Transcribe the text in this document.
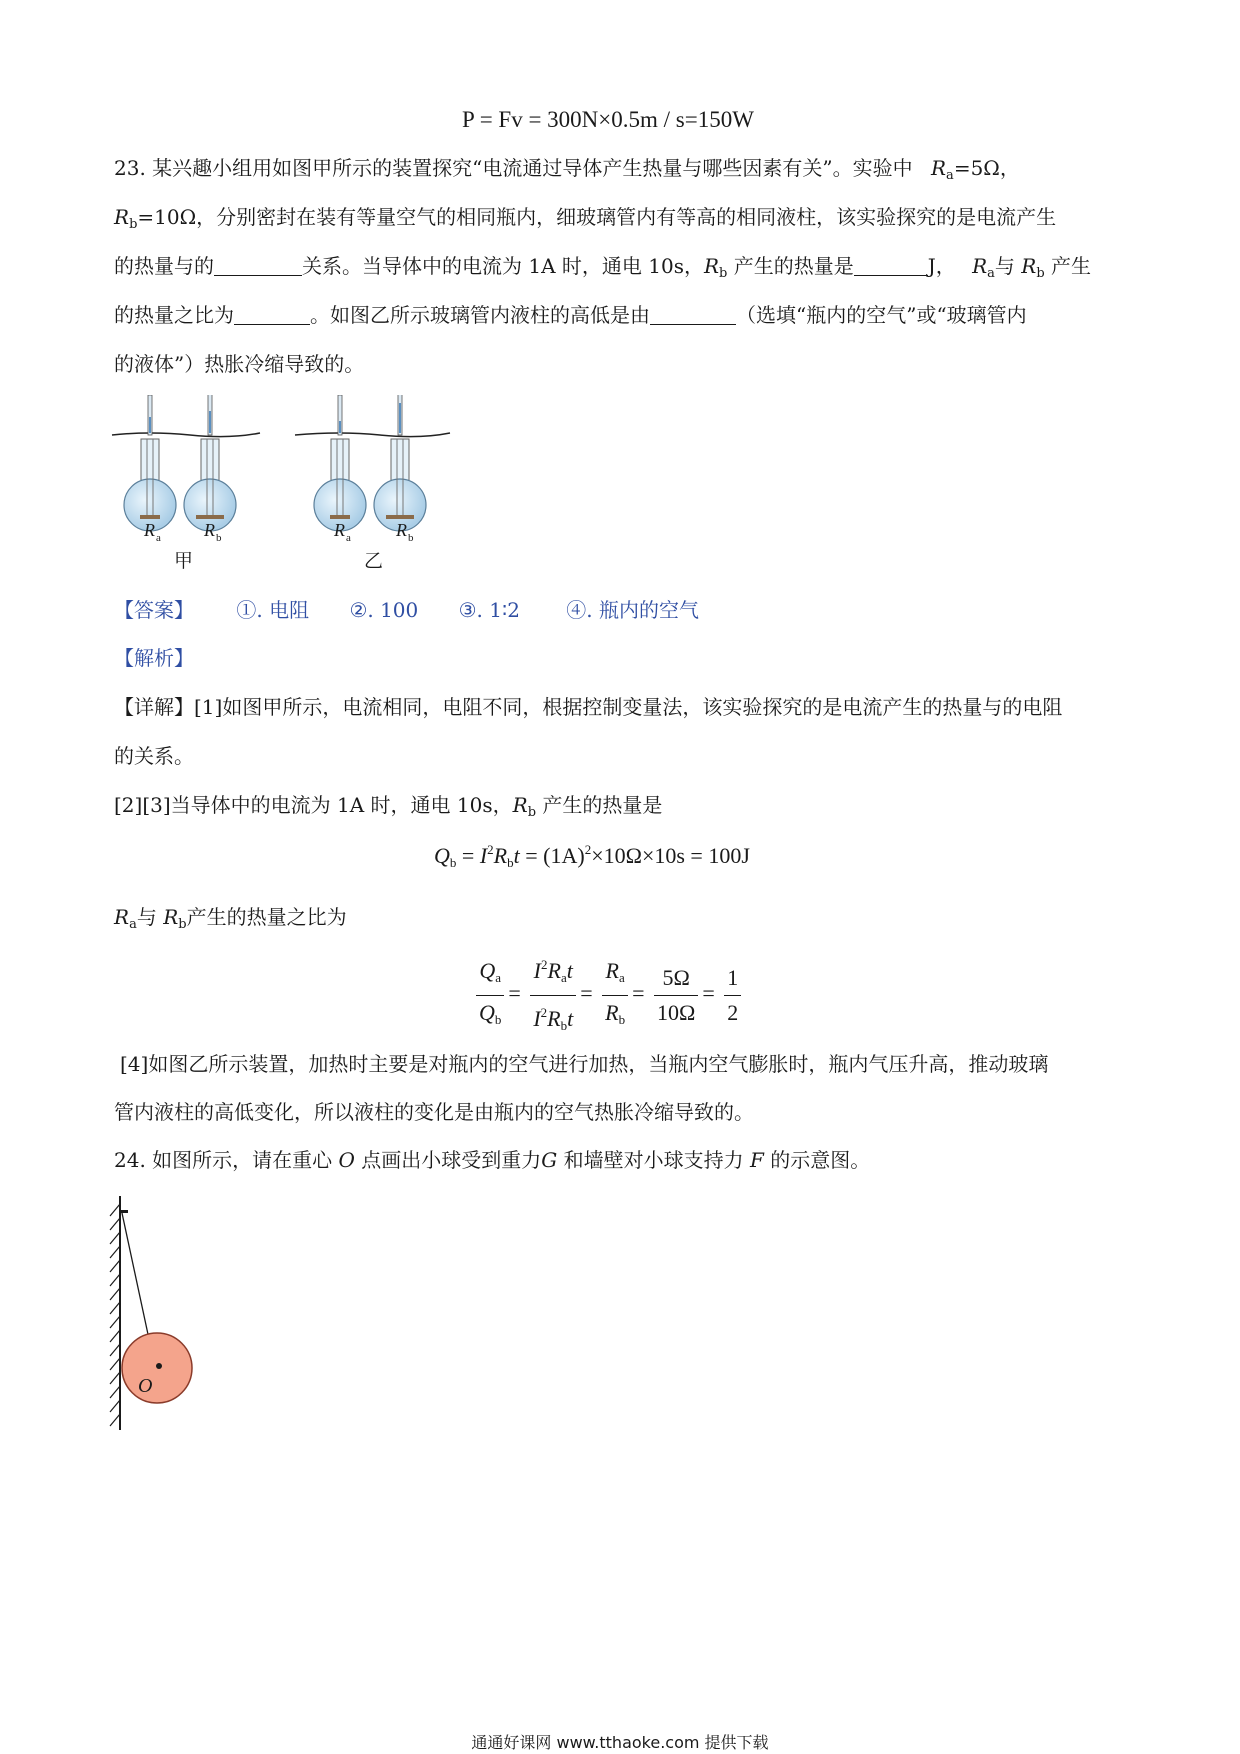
P = Fv = 300N×0.5m / s=150W
23. 某兴趣小组用如图甲所示的装置探究“电流通过导体产生热量与哪些因素有关”。实验中 $R_a=5\Omega$，
$R_b=10\Omega$，分别密封在装有等量空气的相同瓶内，细玻璃管内有等高的相同液柱，该实验探究的是电流产生
的热量与的	关系。当导体中的电流为 1A 时，通电 10s，$R_b$ 产生的热量是	J， $R_a$与 $R_b$ 产生
的热量之比为	。如图乙所示玻璃管内液柱的高低是由	（选填“瓶内的空气”或“玻璃管内
的液体”）热胀冷缩导致的。
R a R b	R a	R b
甲	乙
【答案】 ①. 电阻 ②. 100 ③. 1∶2 ④. 瓶内的空气
【解析】
【详解】[1]如图甲所示，电流相同，电阻不同，根据控制变量法，该实验探究的是电流产生的热量与的电阻
的关系。
[2][3]当导体中的电流为 1A 时，通电 10s，$R_b$ 产生的热量是
$Q_b = I^2R_bt = (1A)^2\times 10\Omega\times 10s = 100J$
$R_a$与 $R_b$产生的热量之比为
$\frac{Q_a}{Q_b} = \frac{I^2R_at}{I^2R_bt} = \frac{R_a}{R_b} = \frac{5\Omega}{10\Omega} = \frac{1}{2}$
[4]如图乙所示装置，加热时主要是对瓶内的空气进行加热，当瓶内空气膨胀时，瓶内气压升高，推动玻璃
管内液柱的高低变化，所以液柱的变化是由瓶内的空气热胀冷缩导致的。
24. 如图所示，请在重心 O 点画出小球受到重力G 和墙壁对小球支持力 F 的示意图。
O
通通好课网 www.tthaoke.com 提供下载
